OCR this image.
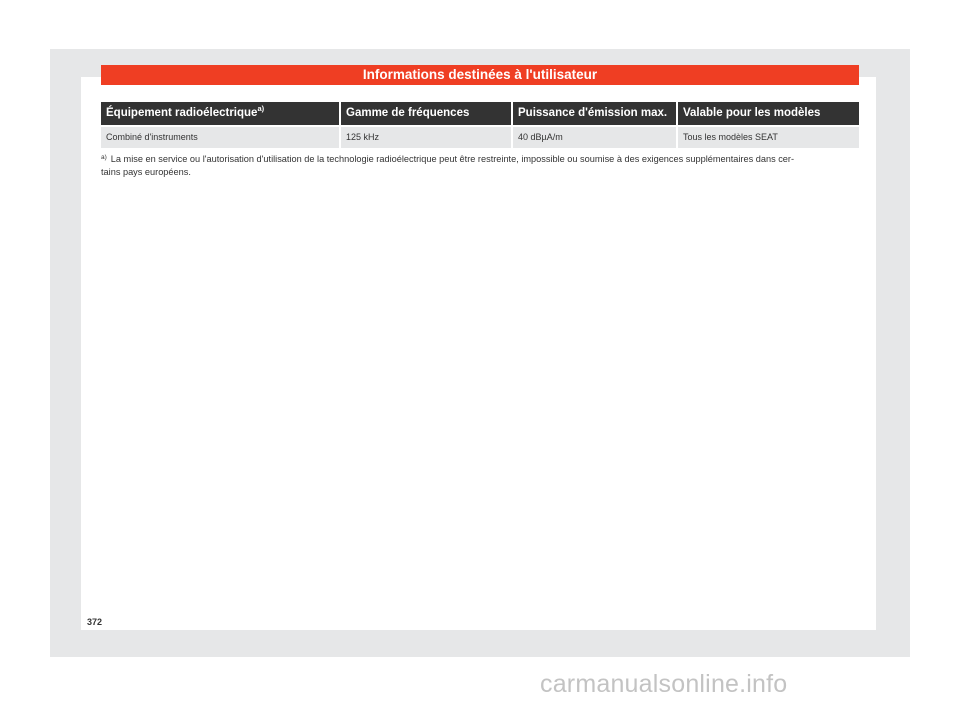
Informations destinées à l'utilisateur
Équipement radioélectrique$^{a)}$	Gamme de fréquences	Puissance d'émission max.	Valable pour les modèles
Combiné d'instruments	125 kHz	40 dBµA/m	Tous les modèles SEAT
$^{a)}$ La mise en service ou l'autorisation d'utilisation de la technologie radioélectrique peut être restreinte, impossible ou soumise à des exigences supplémentaires dans cer-
tains pays européens.
372
carmanualsonline.info
